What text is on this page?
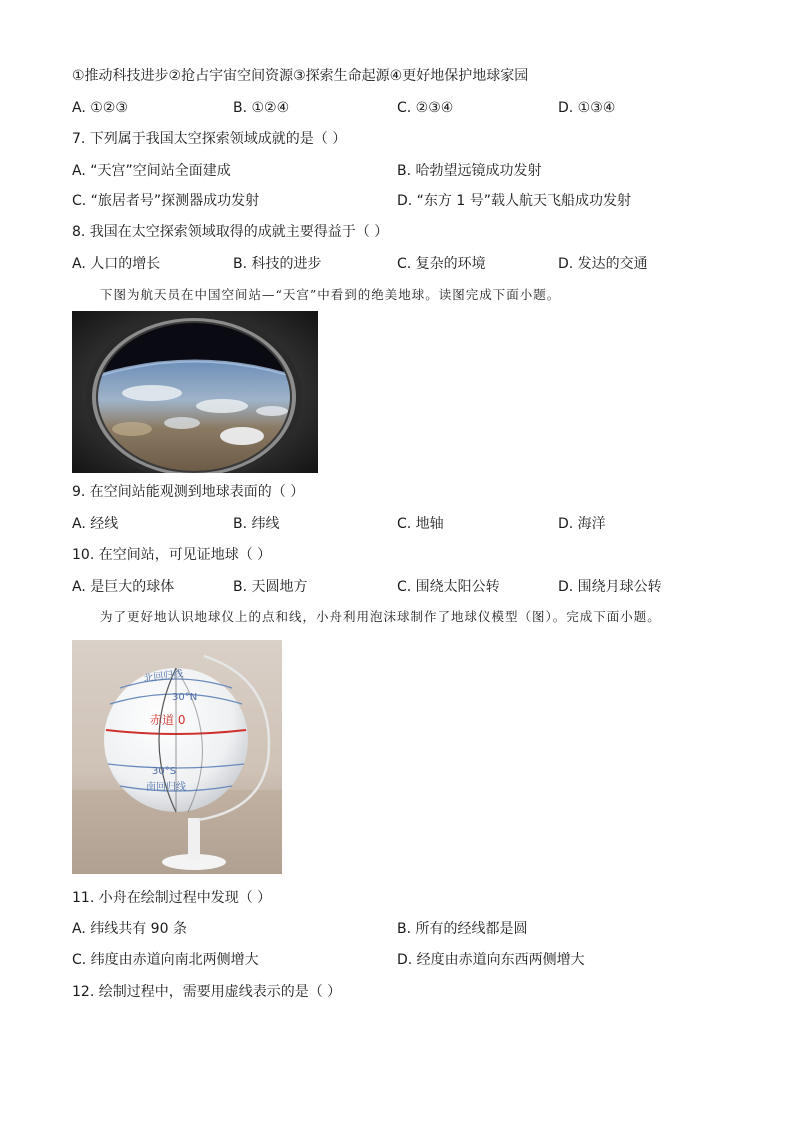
①推动科技进步②抢占宇宙空间资源③探索生命起源④更好地保护地球家园
A. ①②③	B. ①②④	C. ②③④	D. ①③④
7. 下列属于我国太空探索领域成就的是（ ）
A. “天宫”空间站全面建成	B. 哈勃望远镜成功发射
C. “旅居者号”探测器成功发射	D. “东方 1 号”载人航天飞船成功发射
8. 我国在太空探索领域取得的成就主要得益于（ ）
A. 人口的增长	B. 科技的进步	C. 复杂的环境	D. 发达的交通
下图为航天员在中国空间站—“天宫”中看到的绝美地球。读图完成下面小题。
9. 在空间站能观测到地球表面的（ ）
A. 经线	B. 纬线	C. 地轴	D. 海洋
10. 在空间站，可见证地球（ ）
A. 是巨大的球体	B. 天圆地方	C. 围绕太阳公转	D. 围绕月球公转
为了更好地认识地球仪上的点和线，小舟利用泡沫球制作了地球仪模型（图）。完成下面小题。
北回归线
30°N
赤道 0
30°S
南回归线
11. 小舟在绘制过程中发现（ ）
A. 纬线共有 90 条	B. 所有的经线都是圆
C. 纬度由赤道向南北两侧增大	D. 经度由赤道向东西两侧增大
12. 绘制过程中，需要用虚线表示的是（ ）
